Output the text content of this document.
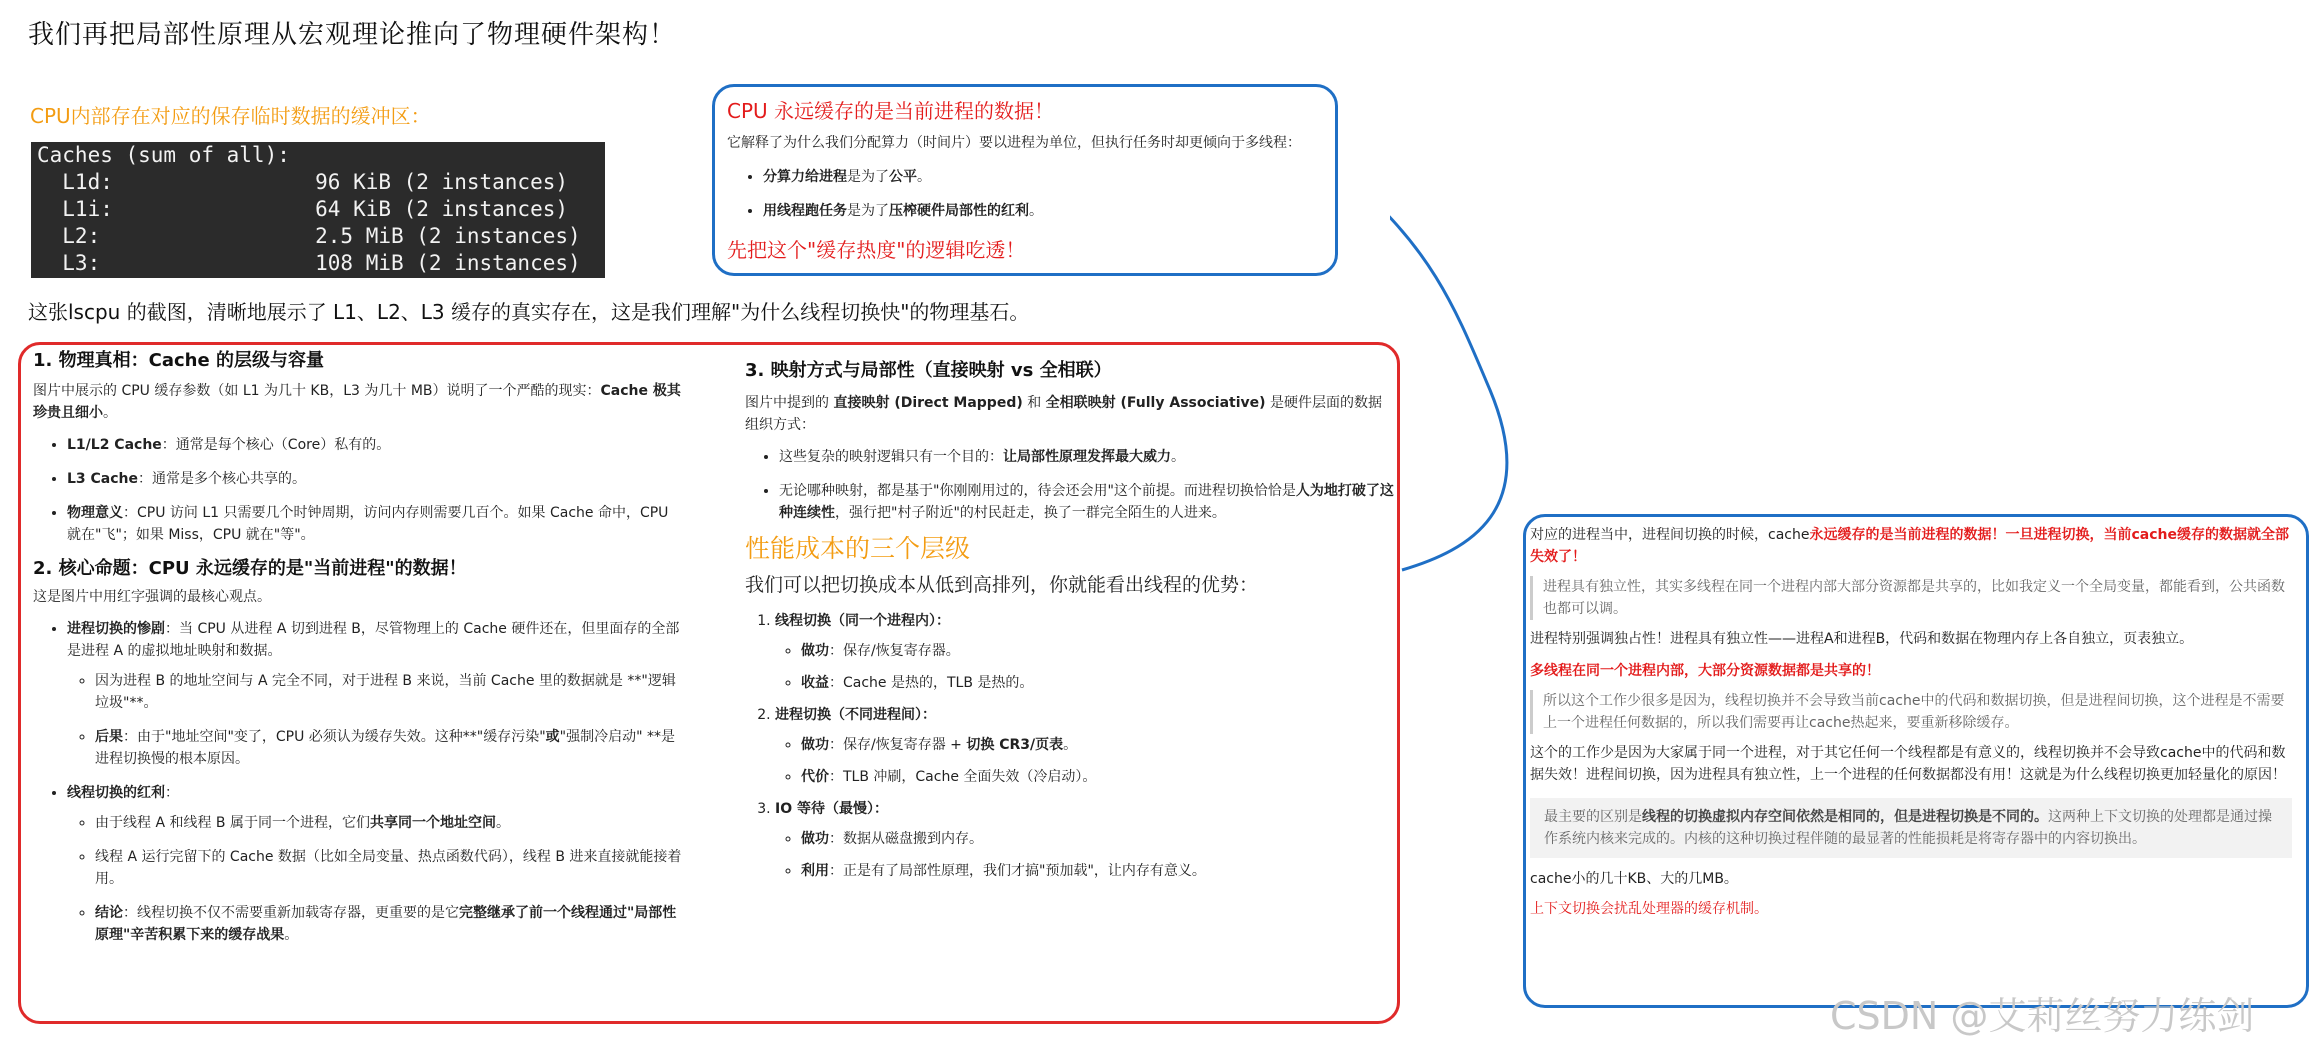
我们再把局部性原理从宏观理论推向了物理硬件架构！
CPU内部存在对应的保存临时数据的缓冲区：
Caches (sum of all):
L1d:                96 KiB (2 instances)
L1i:                64 KiB (2 instances)
L2:                 2.5 MiB (2 instances)
L3:                 108 MiB (2 instances)
这张lscpu 的截图，清晰地展示了 L1、L2、L3 缓存的真实存在，这是我们理解"为什么线程切换快"的物理基石。
CPU 永远缓存的是当前进程的数据！
它解释了为什么我们分配算力（时间片）要以进程为单位，但执行任务时却更倾向于多线程：
• 分算力给进程是为了公平。
• 用线程跑任务是为了压榨硬件局部性的红利。
先把这个"缓存热度"的逻辑吃透！
1. 物理真相：Cache 的层级与容量
图片中展示的 CPU 缓存参数（如 L1 为几十 KB，L3 为几十 MB）说明了一个严酷的现实：Cache 极其珍贵且细小。
• L1/L2 Cache：通常是每个核心（Core）私有的。
• L3 Cache：通常是多个核心共享的。
• 物理意义：CPU 访问 L1 只需要几个时钟周期，访问内存则需要几百个。如果 Cache 命中，CPU 就在"飞"；如果 Miss，CPU 就在"等"。
2. 核心命题：CPU 永远缓存的是"当前进程"的数据！
这是图片中用红字强调的最核心观点。
• 进程切换的惨剧：当 CPU 从进程 A 切到进程 B，尽管物理上的 Cache 硬件还在，但里面存的全部是进程 A 的虚拟地址映射和数据。
◦ 因为进程 B 的地址空间与 A 完全不同，对于进程 B 来说，当前 Cache 里的数据就是 **"逻辑垃圾"**。
◦ 后果：由于"地址空间"变了，CPU 必须认为缓存失效。这种**"缓存污染"或"强制冷启动" **是进程切换慢的根本原因。
• 线程切换的红利：
◦ 由于线程 A 和线程 B 属于同一个进程，它们共享同一个地址空间。
◦ 线程 A 运行完留下的 Cache 数据（比如全局变量、热点函数代码），线程 B 进来直接就能接着用。
◦ 结论：线程切换不仅不需要重新加载寄存器，更重要的是它完整继承了前一个线程通过"局部性原理"辛苦积累下来的缓存战果。
3. 映射方式与局部性（直接映射 vs 全相联）
图片中提到的 直接映射 (Direct Mapped) 和 全相联映射 (Fully Associative) 是硬件层面的数据组织方式：
• 这些复杂的映射逻辑只有一个目的：让局部性原理发挥最大威力。
• 无论哪种映射，都是基于"你刚刚用过的，待会还会用"这个前提。而进程切换恰恰是人为地打破了这种连续性，强行把"村子附近"的村民赶走，换了一群完全陌生的人进来。
性能成本的三个层级
我们可以把切换成本从低到高排列，你就能看出线程的优势：
1. 线程切换（同一个进程内）：
◦ 做功：保存/恢复寄存器。
◦ 收益：Cache 是热的，TLB 是热的。
2. 进程切换（不同进程间）：
◦ 做功：保存/恢复寄存器 + 切换 CR3/页表。
◦ 代价：TLB 冲刷，Cache 全面失效（冷启动）。
3. IO 等待（最慢）：
◦ 做功：数据从磁盘搬到内存。
◦ 利用：正是有了局部性原理，我们才搞"预加载"，让内存有意义。
对应的进程当中，进程间切换的时候，cache永远缓存的是当前进程的数据！一旦进程切换，当前cache缓存的数据就全部失效了！
进程具有独立性，其实多线程在同一个进程内部大部分资源都是共享的，比如我定义一个全局变量，都能看到，公共函数也都可以调。
进程特别强调独占性！进程具有独立性——进程A和进程B，代码和数据在物理内存上各自独立，页表独立。
多线程在同一个进程内部，大部分资源数据都是共享的！
所以这个工作少很多是因为，线程切换并不会导致当前cache中的代码和数据切换，但是进程间切换，这个进程是不需要上一个进程任何数据的，所以我们需要再让cache热起来，要重新移除缓存。
这个的工作少是因为大家属于同一个进程，对于其它任何一个线程都是有意义的，线程切换并不会导致cache中的代码和数据失效！进程间切换，因为进程具有独立性，上一个进程的任何数据都没有用！这就是为什么线程切换更加轻量化的原因！
最主要的区别是线程的切换虚拟内存空间依然是相同的，但是进程切换是不同的。这两种上下文切换的处理都是通过操作系统内核来完成的。内核的这种切换过程伴随的最显著的性能损耗是将寄存器中的内容切换出。
cache小的几十KB、大的几MB。
上下文切换会扰乱处理器的缓存机制。
CSDN @艾莉丝努力练剑
